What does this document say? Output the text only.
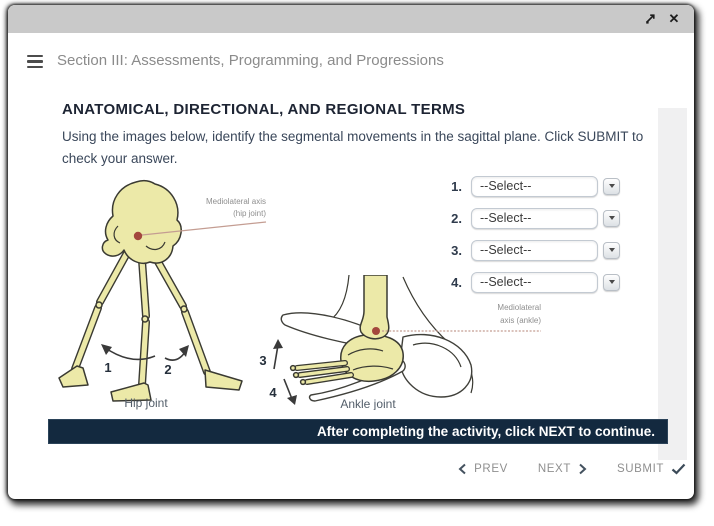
✕
Section III: Assessments, Programming, and Progressions
ANATOMICAL, DIRECTIONAL, AND REGIONAL TERMS
Using the images below, identify the segmental movements in the sagittal plane. Click SUBMIT to check your answer.
1.	--Select--
2.	--Select--
3.	--Select--
4.	--Select--
Mediolateral axis
(hip joint)
1	2
Hip joint
Mediolateral
axis (ankle)
3
4
Ankle joint
After completing the activity, click NEXT to continue.
PREV	NEXT	SUBMIT
